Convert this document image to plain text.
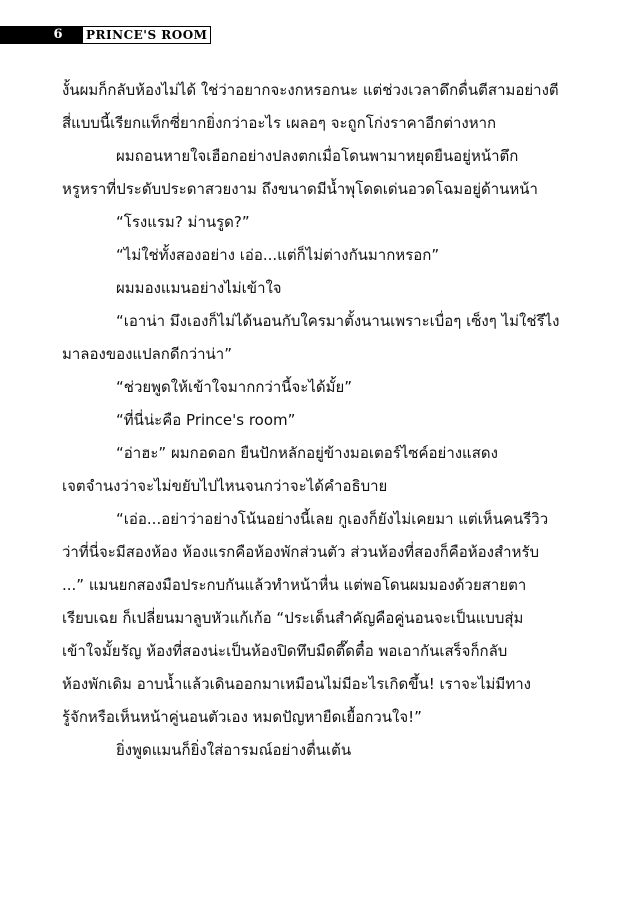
6	PRINCE'S ROOM
งั้นผมก็กลับห้องไม่ได้ ใช่ว่าอยากจะงกหรอกนะ แต่ช่วงเวลาดึกดื่นตีสามอย่างตี
สี่แบบนี้เรียกแท็กซี่ยากยิ่งกว่าอะไร เผลอๆ จะถูกโก่งราคาอีกต่างหาก
ผมถอนหายใจเฮือกอย่างปลงตกเมื่อโดนพามาหยุดยืนอยู่หน้าตึก
หรูหราที่ประดับประดาสวยงาม ถึงขนาดมีน้ำพุโดดเด่นอวดโฉมอยู่ด้านหน้า
“โรงแรม? ม่านรูด?”
“ไม่ใช่ทั้งสองอย่าง เอ่อ...แต่ก็ไม่ต่างกันมากหรอก”
ผมมองแมนอย่างไม่เข้าใจ
“เอาน่า มึงเองก็ไม่ได้นอนกับใครมาตั้งนานเพราะเบื่อๆ เซ็งๆ ไม่ใช่รึไง
มาลองของแปลกดีกว่าน่า”
“ช่วยพูดให้เข้าใจมากกว่านี้จะได้มั้ย”
“ที่นี่น่ะคือ Prince's room”
“อ่าฮะ” ผมกอดอก ยืนปักหลักอยู่ข้างมอเตอร์ไซค์อย่างแสดง
เจตจำนงว่าจะไม่ขยับไปไหนจนกว่าจะได้คำอธิบาย
“เอ่อ...อย่าว่าอย่างโน้นอย่างนี้เลย กูเองก็ยังไม่เคยมา แต่เห็นคนรีวิว
ว่าที่นี่จะมีสองห้อง ห้องแรกคือห้องพักส่วนตัว ส่วนห้องที่สองก็คือห้องสำหรับ
...” แมนยกสองมือประกบกันแล้วทำหน้าหื่น แต่พอโดนผมมองด้วยสายตา
เรียบเฉย ก็เปลี่ยนมาลูบหัวแก้เก้อ “ประเด็นสำคัญคือคู่นอนจะเป็นแบบสุ่ม
เข้าใจมั้ยรัญ ห้องที่สองน่ะเป็นห้องปิดทึบมืดตึ๊ดตื๋อ พอเอากันเสร็จก็กลับ
ห้องพักเดิม อาบน้ำแล้วเดินออกมาเหมือนไม่มีอะไรเกิดขึ้น! เราจะไม่มีทาง
รู้จักหรือเห็นหน้าคู่นอนตัวเอง หมดปัญหายืดเยื้อกวนใจ!”
ยิ่งพูดแมนก็ยิ่งใส่อารมณ์อย่างตื่นเต้น
